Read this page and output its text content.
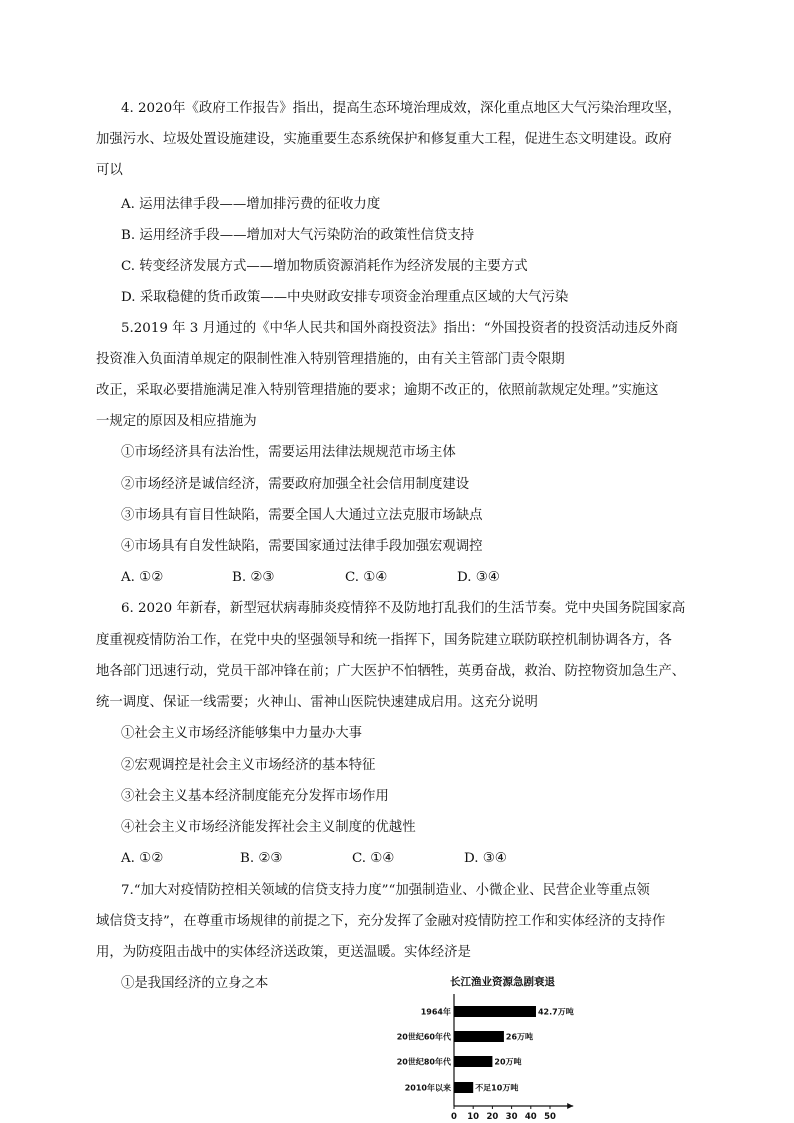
4. 2020年《政府工作报告》指出，提高生态环境治理成效，深化重点地区大气污染治理攻坚，
加强污水、垃圾处置设施建设，实施重要生态系统保护和修复重大工程，促进生态文明建设。政府
可以
A. 运用法律手段——增加排污费的征收力度
B. 运用经济手段——增加对大气污染防治的政策性信贷支持
C. 转变经济发展方式——增加物质资源消耗作为经济发展的主要方式
D. 采取稳健的货币政策——中央财政安排专项资金治理重点区域的大气污染
5.2019 年 3 月通过的《中华人民共和国外商投资法》指出：“外国投资者的投资活动违反外商
投资准入负面清单规定的限制性准入特别管理措施的，由有关主管部门责令限期
改正，采取必要措施满足准入特别管理措施的要求；逾期不改正的，依照前款规定处理。”实施这
一规定的原因及相应措施为
①市场经济具有法治性，需要运用法律法规规范市场主体
②市场经济是诚信经济，需要政府加强全社会信用制度建设
③市场具有盲目性缺陷，需要全国人大通过立法克服市场缺点
④市场具有自发性缺陷，需要国家通过法律手段加强宏观调控
A. ①②	B. ②③	C. ①④	D. ③④
6. 2020 年新春，新型冠状病毒肺炎疫情猝不及防地打乱我们的生活节奏。党中央国务院国家高
度重视疫情防治工作，在党中央的坚强领导和统一指挥下，国务院建立联防联控机制协调各方，各
地各部门迅速行动，党员干部冲锋在前；广大医护不怕牺牲，英勇奋战，救治、防控物资加急生产、
统一调度、保证一线需要；火神山、雷神山医院快速建成启用。这充分说明
①社会主义市场经济能够集中力量办大事
②宏观调控是社会主义市场经济的基本特征
③社会主义基本经济制度能充分发挥市场作用
④社会主义市场经济能发挥社会主义制度的优越性
A. ①②	B. ②③	C. ①④	D. ③④
7.“加大对疫情防控相关领域的信贷支持力度”“加强制造业、小微企业、民营企业等重点领
域信贷支持”，在尊重市场规律的前提之下，充分发挥了金融对疫情防控工作和实体经济的支持作
用，为防疫阻击战中的实体经济送政策，更送温暖。实体经济是
①是我国经济的立身之本	长江渔业资源急剧衰退
0 10 20 30 40 50
1964年	42.7万吨
20世纪60年代	26万吨
20世纪80年代	20万吨
2010年以来	不足10万吨
